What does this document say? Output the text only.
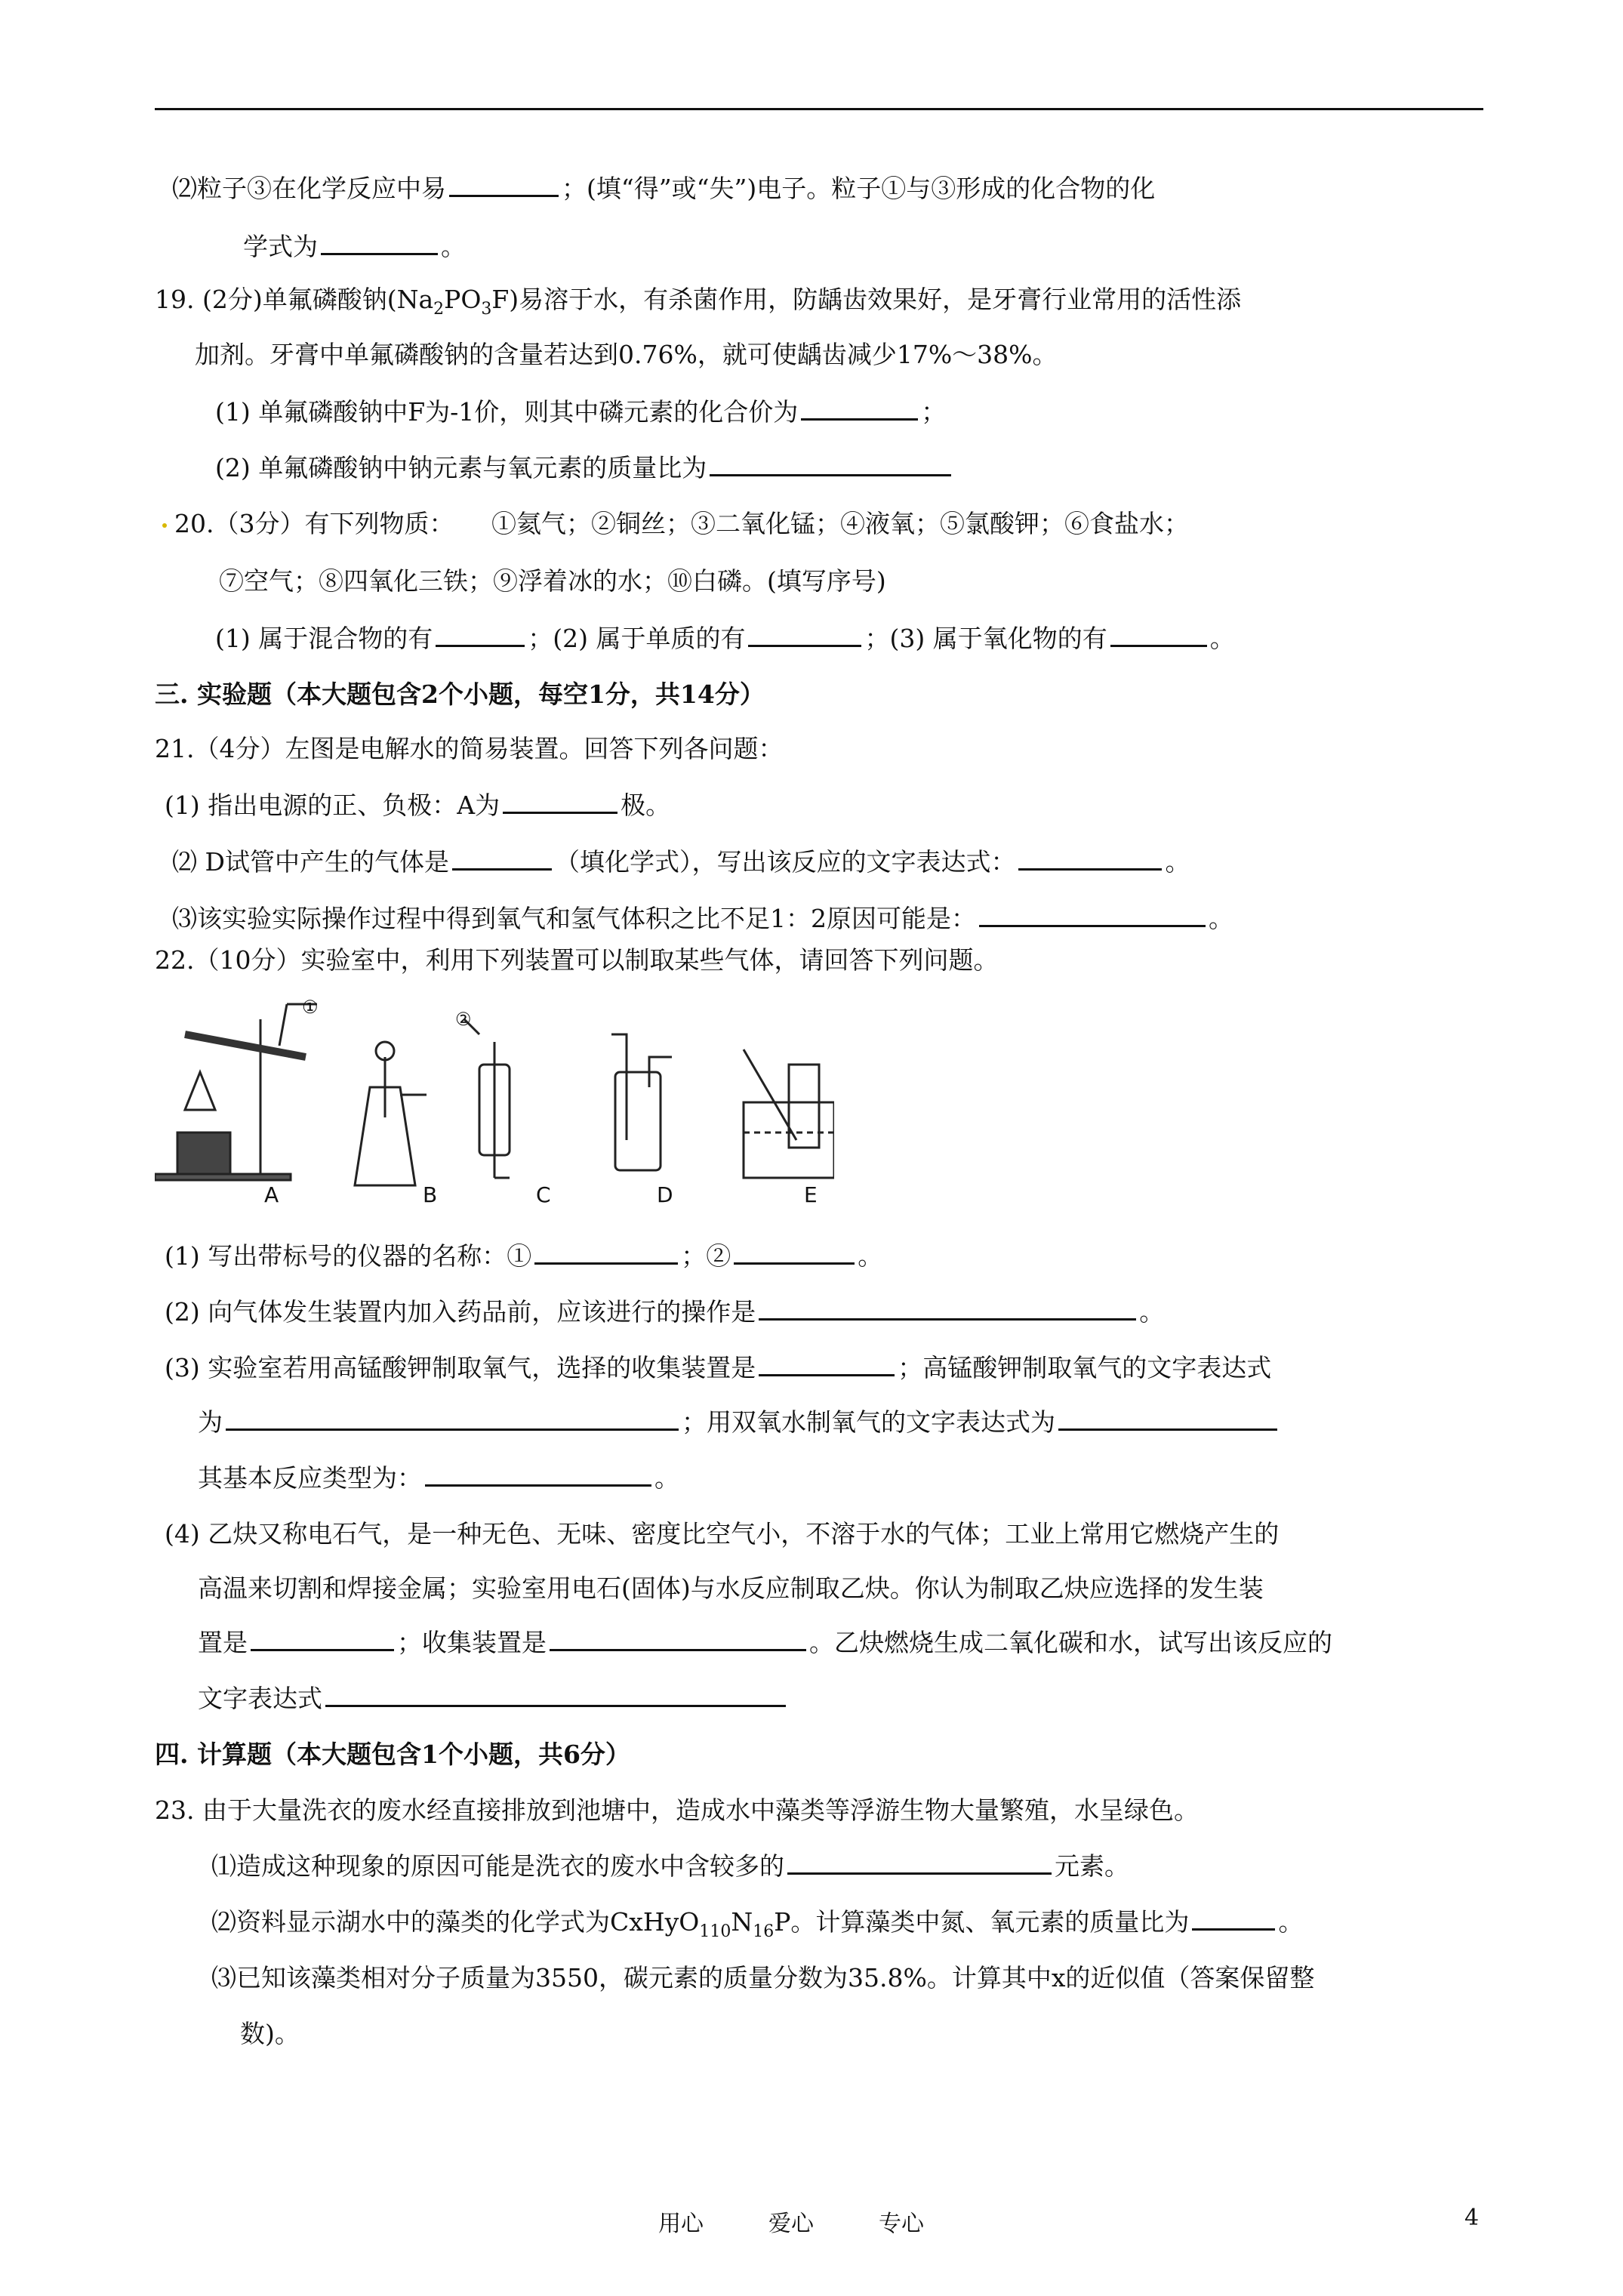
⑵粒子③在化学反应中易	；(填“得”或“失”)电子。粒子①与③形成的化合物的化
学式为	。
19. (2分)单氟磷酸钠$(Na_2PO_3F)$易溶于水，有杀菌作用，防龋齿效果好，是牙膏行业常用的活性添
加剂。牙膏中单氟磷酸钠的含量若达到0.76%，就可使龋齿减少17%～38%。
(1) 单氟磷酸钠中F为-1价，则其中磷元素的化合价为	；
(2) 单氟磷酸钠中钠元素与氧元素的质量比为
20.（3分）有下列物质：　　①氦气；②铜丝；③二氧化锰；④液氧；⑤氯酸钾；⑥食盐水；
⑦空气；⑧四氧化三铁；⑨浮着冰的水；⑩白磷。(填写序号)
(1) 属于混合物的有	；(2) 属于单质的有	；(3) 属于氧化物的有	。
三. 实验题（本大题包含2个小题，每空1分，共14分）
21.（4分）左图是电解水的简易装置。回答下列各问题：
(1) 指出电源的正、负极：A为	极。
⑵ D试管中产生的气体是	（填化学式），写出该反应的文字表达式：	。
⑶该实验实际操作过程中得到氧气和氢气体积之比不足1：2原因可能是：	。
22.（10分）实验室中，利用下列装置可以制取某些气体，请回答下列问题。
①
②
A	B	C	D	E
(1) 写出带标号的仪器的名称：①	；②	。
(2) 向气体发生装置内加入药品前，应该进行的操作是	。
(3) 实验室若用高锰酸钾制取氧气，选择的收集装置是	；高锰酸钾制取氧气的文字表达式
为	；用双氧水制氧气的文字表达式为
其基本反应类型为：	。
(4) 乙炔又称电石气，是一种无色、无味、密度比空气小，不溶于水的气体；工业上常用它燃烧产生的
高温来切割和焊接金属；实验室用电石(固体)与水反应制取乙炔。你认为制取乙炔应选择的发生装
置是	；收集装置是	。乙炔燃烧生成二氧化碳和水，试写出该反应的
文字表达式
四. 计算题（本大题包含1个小题，共6分）
23. 由于大量洗衣的废水经直接排放到池塘中，造成水中藻类等浮游生物大量繁殖，水呈绿色。
⑴造成这种现象的原因可能是洗衣的废水中含较多的	元素。
⑵资料显示湖水中的藻类的化学式为$CxHyO_{110}N_{16}P$。计算藻类中氮、氧元素的质量比为	。
⑶已知该藻类相对分子质量为3550，碳元素的质量分数为35.8%。计算其中x的近似值（答案保留整
数)。
用心	爱心	专心	4
